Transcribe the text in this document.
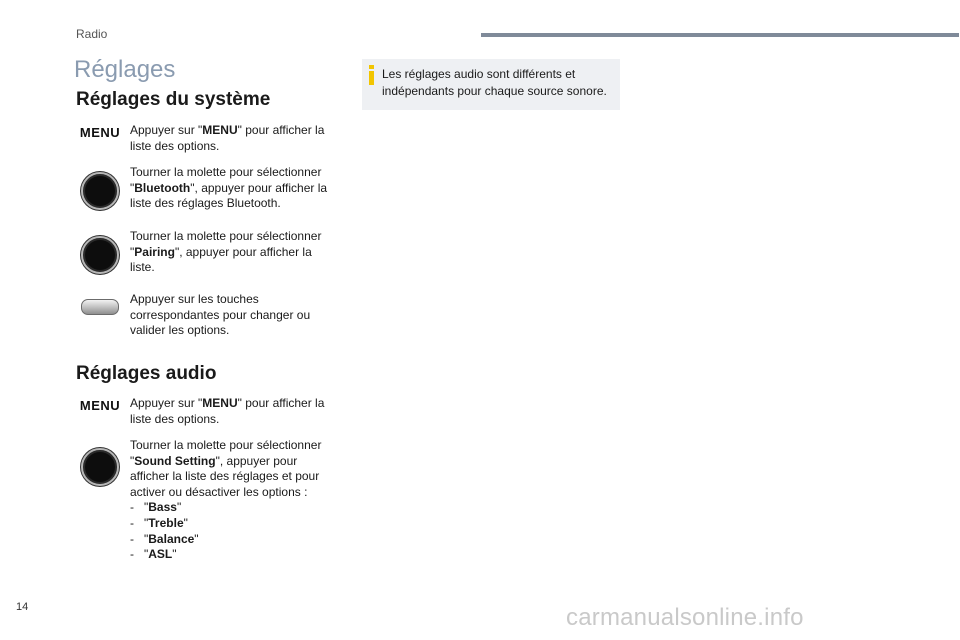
Radio
Réglages
Réglages du système
MENU Appuyer sur "MENU" pour afficher la liste des options.
Tourner la molette pour sélectionner "Bluetooth", appuyer pour afficher la liste des réglages Bluetooth.
Tourner la molette pour sélectionner "Pairing", appuyer pour afficher la liste.
Appuyer sur les touches correspondantes pour changer ou valider les options.
Réglages audio
MENU Appuyer sur "MENU" pour afficher la liste des options.
Tourner la molette pour sélectionner "Sound Setting", appuyer pour afficher la liste des réglages et pour activer ou désactiver les options :
-   "Bass"
-   "Treble"
-   "Balance"
-   "ASL"
Les réglages audio sont différents et indépendants pour chaque source sonore.
14	carmanualsonline.info
